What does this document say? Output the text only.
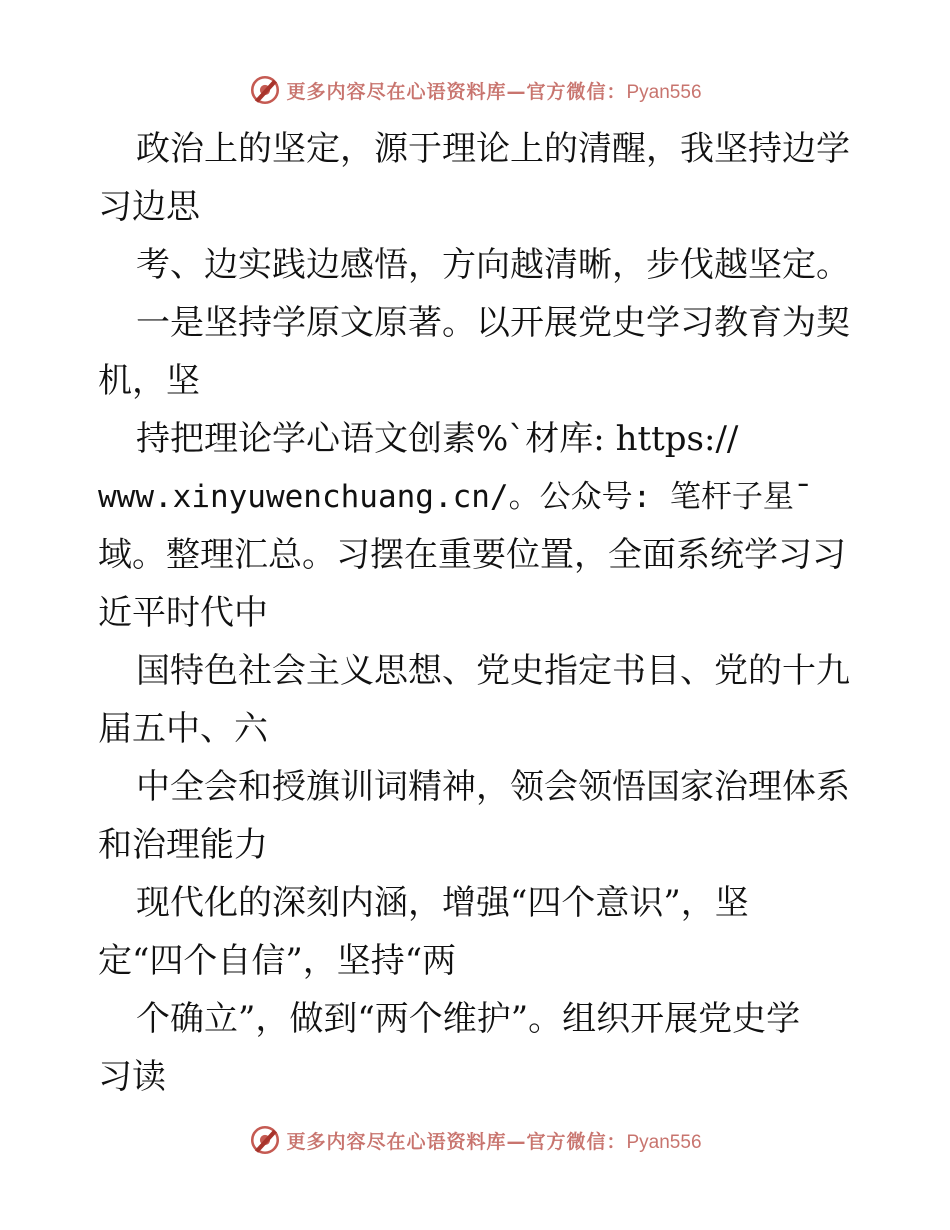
更多内容尽在心语资料库—官方微信：Pyan556
政治上的坚定，源于理论上的清醒，我坚持边学
习边思
考、边实践边感悟，方向越清晰，步伐越坚定。
一是坚持学原文原著。以开展党史学习教育为契
机，坚
持把理论学心语文创素%`材库: https://
www.xinyuwenchuang.cn/。公众号: 笔杆子星¯
域。整理汇总。习摆在重要位置，全面系统学习习
近平时代中
国特色社会主义思想、党史指定书目、党的十九
届五中、六
中全会和授旗训词精神，领会领悟国家治理体系
和治理能力
现代化的深刻内涵，增强“四个意识”，坚
定“四个自信”，坚持“两
个确立”，做到“两个维护”。组织开展党史学
习读
更多内容尽在心语资料库—官方微信：Pyan556
